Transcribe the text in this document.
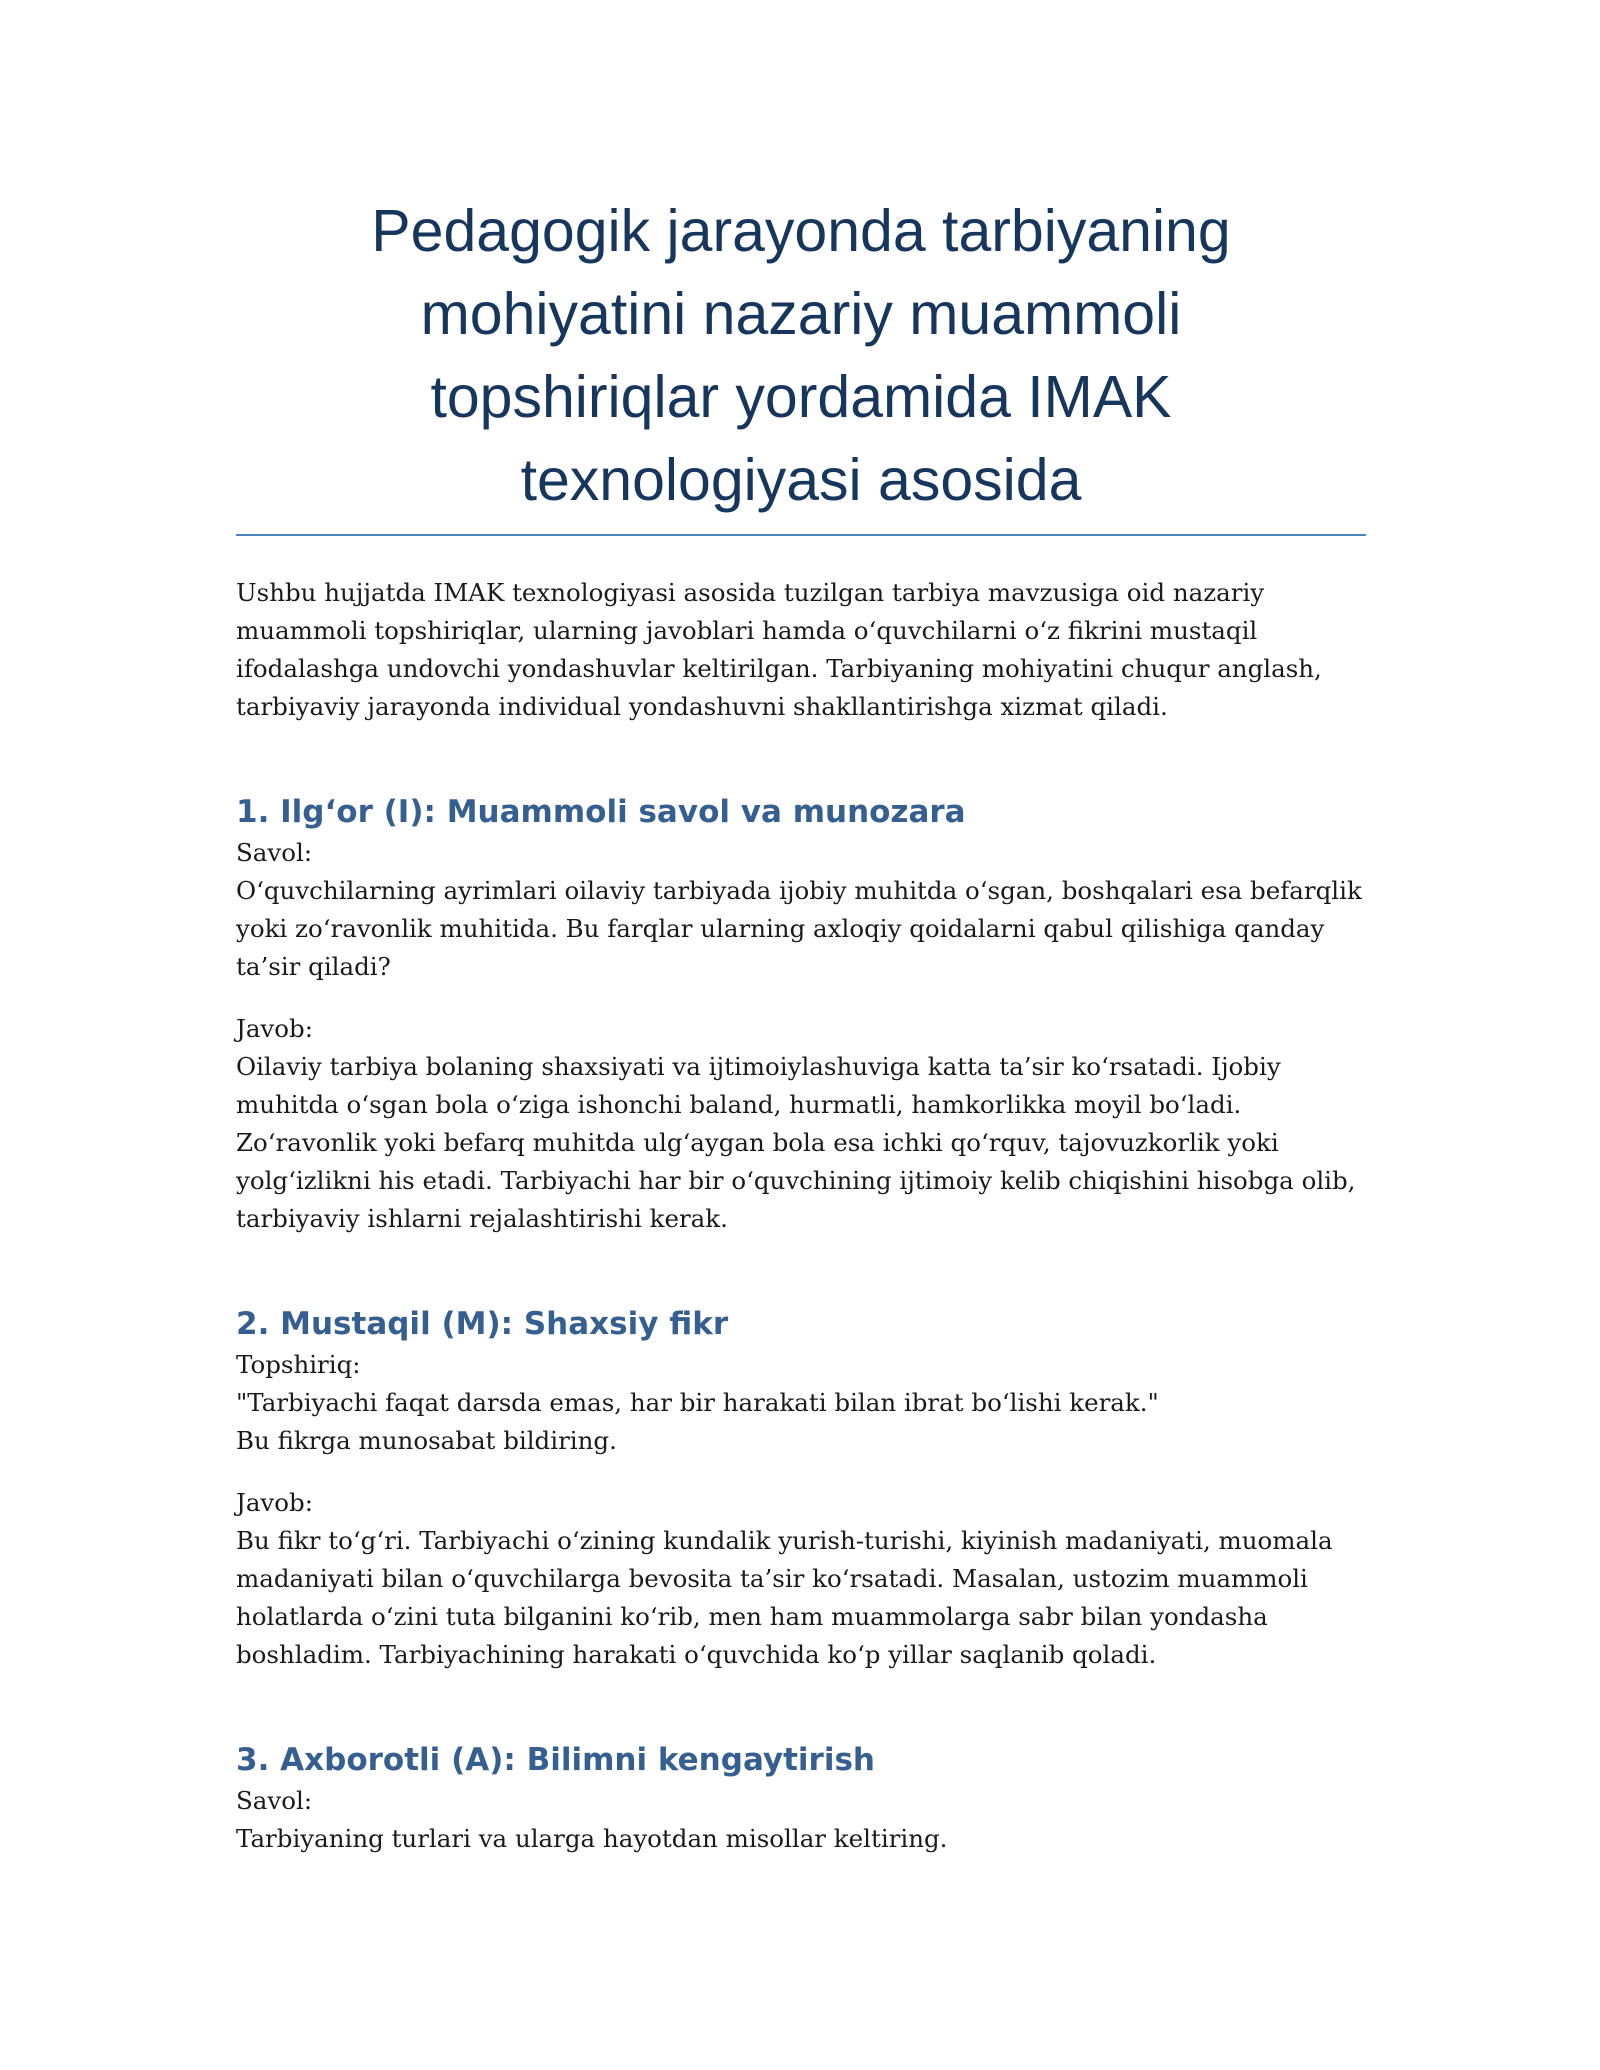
Pedagogik jarayonda tarbiyaning mohiyatini nazariy muammoli topshiriqlar yordamida IMAK texnologiyasi asosida

Ushbu hujjatda IMAK texnologiyasi asosida tuzilgan tarbiya mavzusiga oid nazariy muammoli topshiriqlar, ularning javoblari hamda o‘quvchilarni o‘z fikrini mustaqil ifodalashga undovchi yondashuvlar keltirilgan. Tarbiyaning mohiyatini chuqur anglash, tarbiyaviy jarayonda individual yondashuvni shakllantirishga xizmat qiladi.

1. Ilg‘or (I): Muammoli savol va munozara

Savol:
O‘quvchilarning ayrimlari oilaviy tarbiyada ijobiy muhitda o‘sgan, boshqalari esa befarqlik yoki zo‘ravonlik muhitida. Bu farqlar ularning axloqiy qoidalarni qabul qilishiga qanday ta’sir qiladi?

Javob:
Oilaviy tarbiya bolaning shaxsiyati va ijtimoiylashuviga katta ta’sir ko‘rsatadi. Ijobiy muhitda o‘sgan bola o‘ziga ishonchi baland, hurmatli, hamkorlikka moyil bo‘ladi. Zo‘ravonlik yoki befarq muhitda ulg‘aygan bola esa ichki qo‘rquv, tajovuzkorlik yoki yolg‘izlikni his etadi. Tarbiyachi har bir o‘quvchining ijtimoiy kelib chiqishini hisobga olib, tarbiyaviy ishlarni rejalashtirishi kerak.

2. Mustaqil (M): Shaxsiy fikr

Topshiriq:
"Tarbiyachi faqat darsda emas, har bir harakati bilan ibrat bo‘lishi kerak."
Bu fikrga munosabat bildiring.

Javob:
Bu fikr to‘g‘ri. Tarbiyachi o‘zining kundalik yurish-turishi, kiyinish madaniyati, muomala madaniyati bilan o‘quvchilarga bevosita ta’sir ko‘rsatadi. Masalan, ustozim muammoli holatlarda o‘zini tuta bilganini ko‘rib, men ham muammolarga sabr bilan yondasha boshladim. Tarbiyachining harakati o‘quvchida ko‘p yillar saqlanib qoladi.

3. Axborotli (A): Bilimni kengaytirish

Savol:
Tarbiyaning turlari va ularga hayotdan misollar keltiring.
